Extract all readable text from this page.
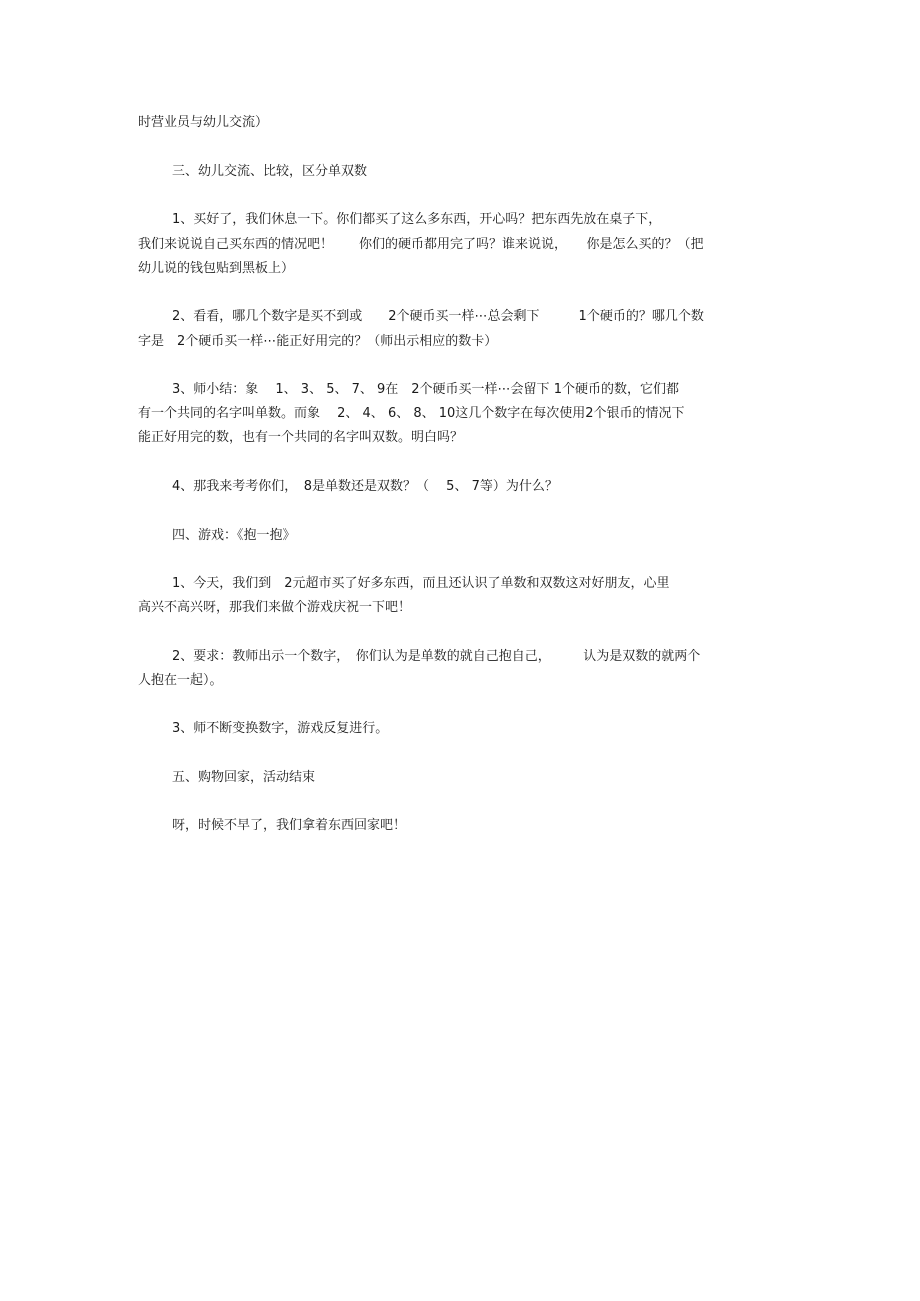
时营业员与幼儿交流）
三、幼儿交流、比较，区分单双数
1、买好了，我们休息一下。你们都买了这么多东西，开心吗？把东西先放在桌子下，
我们来说说自己买东西的情况吧！　　你们的硬币都用完了吗？谁来说说，　　你是怎么买的？（把
幼儿说的钱包贴到黑板上）
2、看看，哪几个数字是买不到或　　2个硬币买一样⋯总会剩下　　　1个硬币的？哪几个数
字是　2个硬币买一样⋯能正好用完的？（师出示相应的数卡）
3、师小结：象　 1、 3、 5、 7、 9在　2个硬币买一样⋯会留下 1个硬币的数，它们都
有一个共同的名字叫单数。而象　 2、 4、 6、 8、 10这几个数字在每次使用2个银币的情况下
能正好用完的数，也有一个共同的名字叫双数。明白吗？
4、那我来考考你们，　8是单数还是双数？（　 5、 7等）为什么？
四、游戏：《抱一抱》
1、今天，我们到　2元超市买了好多东西，而且还认识了单数和双数这对好朋友，心里
高兴不高兴呀，那我们来做个游戏庆祝一下吧！
2、要求：教师出示一个数字，　你们认为是单数的就自己抱自己，　　　认为是双数的就两个
人抱在一起）。
3、师不断变换数字，游戏反复进行。
五、购物回家，活动结束
呀，时候不早了，我们拿着东西回家吧！
